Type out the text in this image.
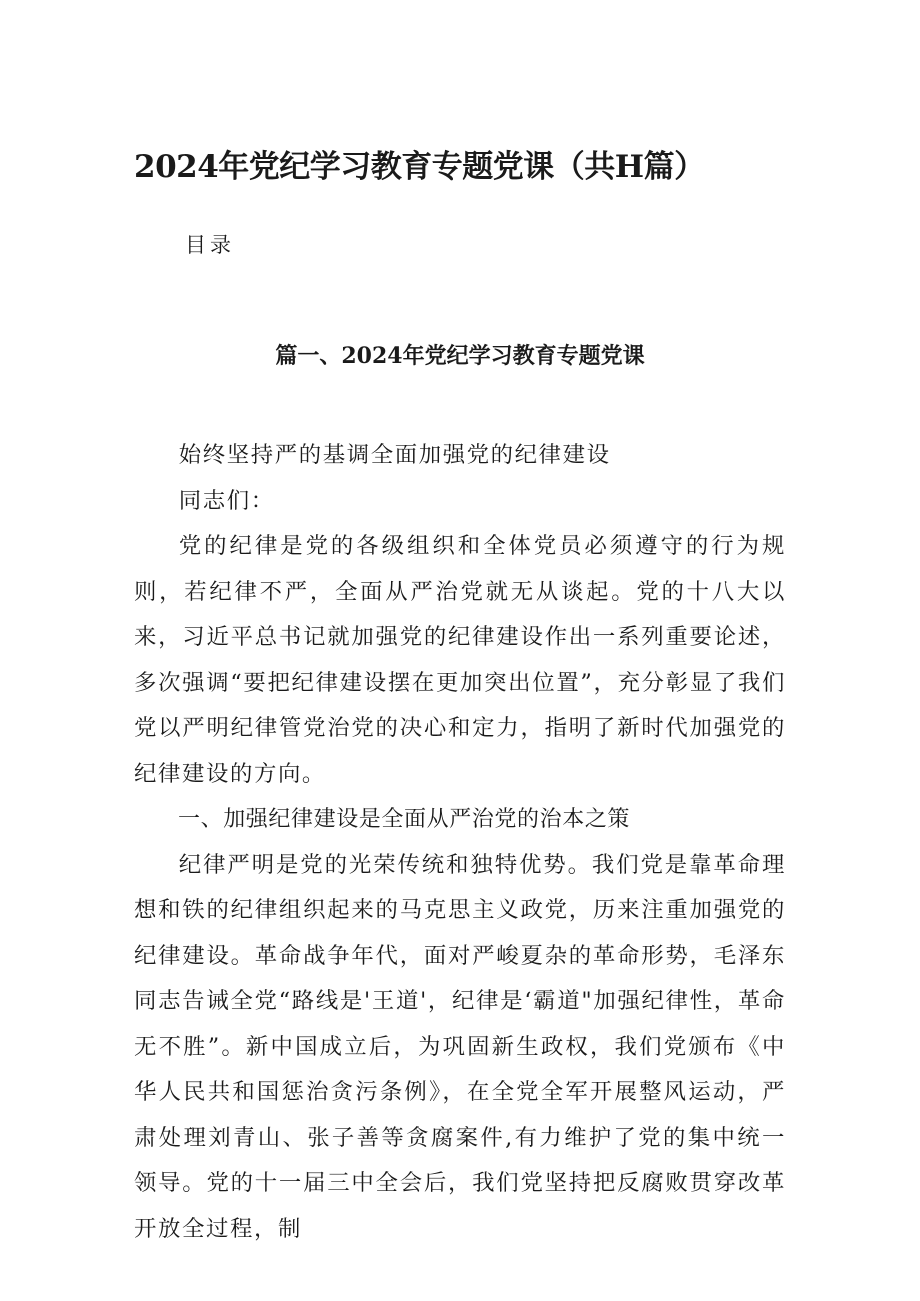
2024年党纪学习教育专题党课（共H篇）
目录
篇一、2024年党纪学习教育专题党课

始终坚持严的基调全面加强党的纪律建设

同志们：

党的纪律是党的各级组织和全体党员必须遵守的行为规则，若纪律不严，全面从严治党就无从谈起。党的十八大以来，习近平总书记就加强党的纪律建设作出一系列重要论述，多次强调“要把纪律建设摆在更加突出位置”，充分彰显了我们党以严明纪律管党治党的决心和定力，指明了新时代加强党的纪律建设的方向。

一、加强纪律建设是全面从严治党的治本之策

纪律严明是党的光荣传统和独特优势。我们党是靠革命理想和铁的纪律组织起来的马克思主义政党，历来注重加强党的纪律建设。革命战争年代，面对严峻夏杂的革命形势，毛泽东同志告诫全党“路线是'王道'，纪律是‘霸道"加强纪律性，革命无不胜”。新中国成立后，为巩固新生政权，我们党颁布《中华人民共和国惩治贪污条例》，在全党全军开展整风运动，严肃处理刘青山、张子善等贪腐案件,有力维护了党的集中统一领导。党的十一届三中全会后，我们党坚持把反腐败贯穿改革开放全过程，制
